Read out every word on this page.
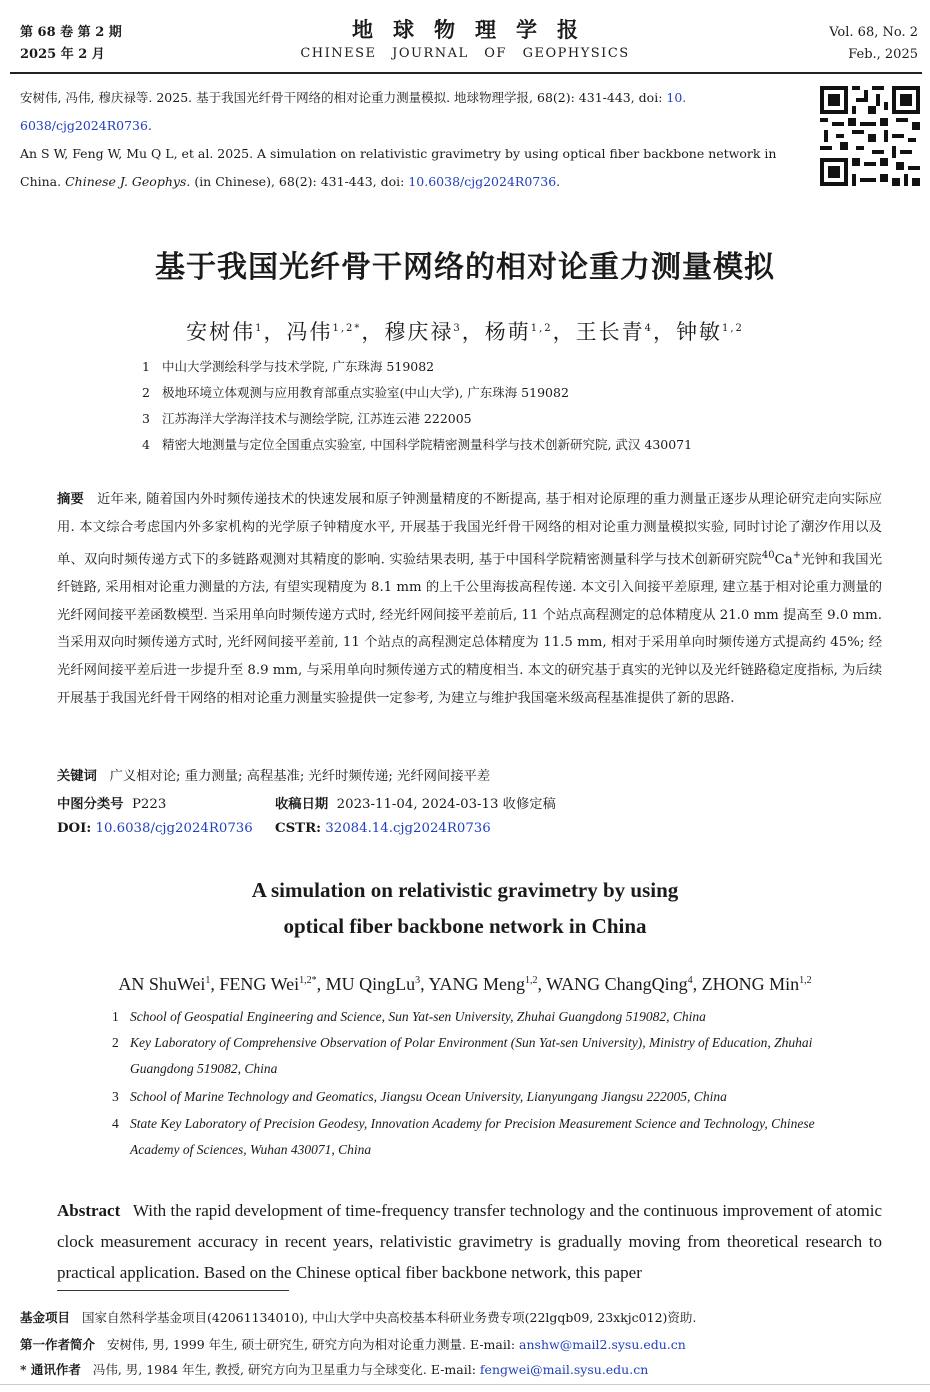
第 68 卷 第 2 期
2025 年 2 月
地球物理学报
CHINESE JOURNAL OF GEOPHYSICS
Vol. 68, No. 2
Feb., 2025
安树伟, 冯伟, 穆庆禄等. 2025. 基于我国光纤骨干网络的相对论重力测量模拟. 地球物理学报, 68(2): 431-443, doi: 10.
6038/cjg2024R0736.
An S W, Feng W, Mu Q L, et al. 2025. A simulation on relativistic gravimetry by using optical fiber backbone network in China. Chinese J. Geophys. (in Chinese), 68(2): 431-443, doi: 10.6038/cjg2024R0736.
基于我国光纤骨干网络的相对论重力测量模拟
安树伟$^1$，冯伟$^{1,2*}$，穆庆禄$^3$，杨萌$^{1,2}$，王长青$^4$，钟敏$^{1,2}$
1 中山大学测绘科学与技术学院, 广东珠海 519082
2 极地环境立体观测与应用教育部重点实验室(中山大学), 广东珠海 519082
3 江苏海洋大学海洋技术与测绘学院, 江苏连云港 222005
4 精密大地测量与定位全国重点实验室, 中国科学院精密测量科学与技术创新研究院, 武汉 430071
摘要 近年来, 随着国内外时频传递技术的快速发展和原子钟测量精度的不断提高, 基于相对论原理的重力测量正逐步从理论研究走向实际应用. 本文综合考虑国内外多家机构的光学原子钟精度水平, 开展基于我国光纤骨干网络的相对论重力测量模拟实验, 同时讨论了潮汐作用以及单、双向时频传递方式下的多链路观测对其精度的影响. 实验结果表明, 基于中国科学院精密测量科学与技术创新研究院$^{40}$Ca+光钟和我国光纤链路, 采用相对论重力测量的方法, 有望实现精度为 8.1 mm 的上千公里海拔高程传递. 本文引入间接平差原理, 建立基于相对论重力测量的光纤网间接平差函数模型. 当采用单向时频传递方式时, 经光纤网间接平差前后, 11 个站点高程测定的总体精度从 21.0 mm 提高至 9.0 mm. 当采用双向时频传递方式时, 光纤网间接平差前, 11 个站点的高程测定总体精度为 11.5 mm, 相对于采用单向时频传递方式提高约 45%; 经光纤网间接平差后进一步提升至 8.9 mm, 与采用单向时频传递方式的精度相当. 本文的研究基于真实的光钟以及光纤链路稳定度指标, 为后续开展基于我国光纤骨干网络的相对论重力测量实验提供一定参考, 为建立与维护我国毫米级高程基准提供了新的思路.
关键词 广义相对论; 重力测量; 高程基准; 光纤时频传递; 光纤网间接平差
中图分类号 P223	收稿日期 2023-11-04, 2024-03-13 收修定稿
DOI: 10.6038/cjg2024R0736 CSTR: 32084.14.cjg2024R0736
A simulation on relativistic gravimetry by using
optical fiber backbone network in China
AN ShuWei$^1$, FENG Wei$^{1,2*}$, MU QingLu$^3$, YANG Meng$^{1,2}$, WANG ChangQing$^4$, ZHONG Min$^{1,2}$
1 School of Geospatial Engineering and Science, Sun Yat-sen University, Zhuhai Guangdong 519082, China
2 Key Laboratory of Comprehensive Observation of Polar Environment (Sun Yat-sen University), Ministry of Education, Zhuhai Guangdong 519082, China
3 School of Marine Technology and Geomatics, Jiangsu Ocean University, Lianyungang Jiangsu 222005, China
4 State Key Laboratory of Precision Geodesy, Innovation Academy for Precision Measurement Science and Technology, Chinese Academy of Sciences, Wuhan 430071, China
Abstract With the rapid development of time-frequency transfer technology and the continuous improvement of atomic clock measurement accuracy in recent years, relativistic gravimetry is gradually moving from theoretical research to practical application. Based on the Chinese optical fiber backbone network, this paper
基金项目 国家自然科学基金项目(42061134010), 中山大学中央高校基本科研业务费专项(22lgqb09, 23xkjc012)资助.
第一作者简介 安树伟, 男, 1999 年生, 硕士研究生, 研究方向为相对论重力测量. E-mail: anshw@mail2.sysu.edu.cn
* 通讯作者 冯伟, 男, 1984 年生, 教授, 研究方向为卫星重力与全球变化. E-mail: fengwei@mail.sysu.edu.cn
